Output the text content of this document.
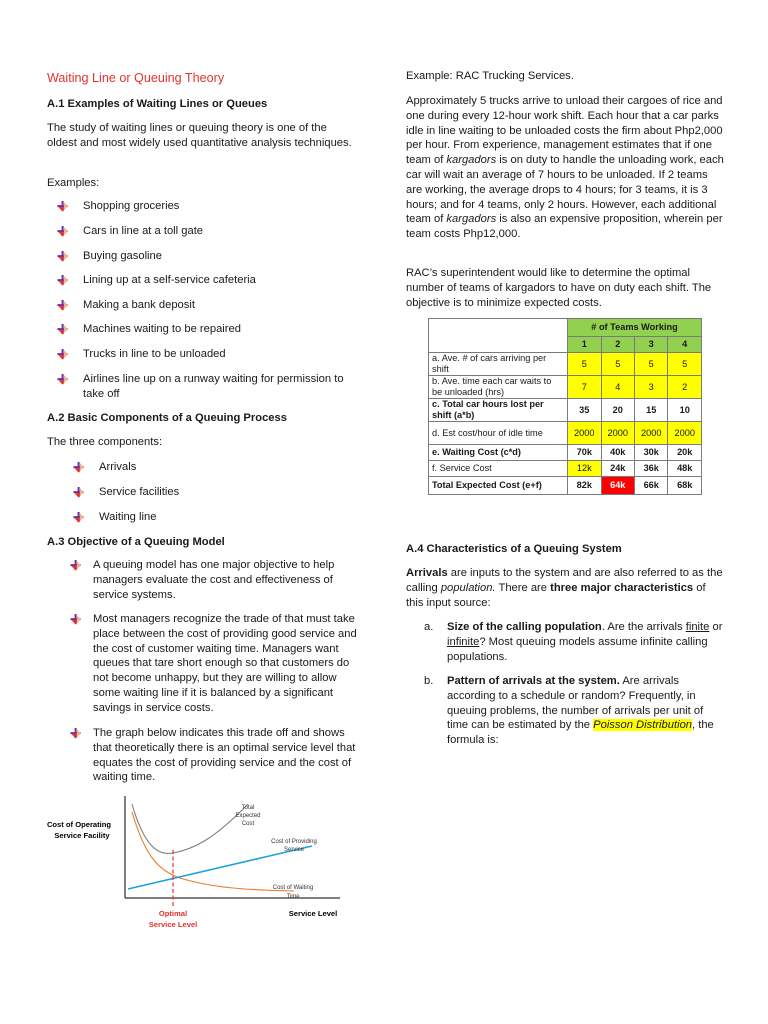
Waiting Line or Queuing Theory

A.1 Examples of Waiting Lines or Queues

The study of waiting lines or queuing theory is one of the oldest and most widely used quantitative analysis techniques.

Examples:

Shopping groceries
Cars in line at a toll gate
Buying gasoline
Lining up at a self-service cafeteria
Making a bank deposit
Machines waiting to be repaired
Trucks in line to be unloaded
Airlines line up on a runway waiting for permission to take off

A.2 Basic Components of a Queuing Process

The three components:

Arrivals
Service facilities
Waiting line

A.3 Objective of a Queuing Model

A queuing model has one major objective to help managers evaluate the cost and effectiveness of service systems.
Most managers recognize the trade of that must take place between the cost of providing good service and the cost of customer waiting time. Managers want queues that tare short enough so that customers do not become unhappy, but they are willing to allow some waiting line if it is balanced by a significant savings in service costs.
The graph below indicates this trade off and shows that theoretically there is an optimal service level that equates the cost of providing service and the cost of waiting time.
Cost of Operating
Service Facility
Total
Expected
Cost
Cost of Providing
Service
Cost of Waiting
Time
Optimal
Service Level
Service Level

Example: RAC Trucking Services.

Approximately 5 trucks arrive to unload their cargoes of rice and one during every 12-hour work shift. Each hour that a car parks idle in line waiting to be unloaded costs the firm about Php2,000 per hour. From experience, management estimates that if one team of kargadors is on duty to handle the unloading work, each car will wait an average of 7 hours to be unloaded. If 2 teams are working, the average drops to 4 hours; for 3 teams, it is 3 hours; and for 4 teams, only 2 hours. However, each additional team of kargadors is also an expensive proposition, wherein per team costs Php12,000.

RAC’s superintendent would like to determine the optimal number of teams of kargadors to have on duty each shift. The objective is to minimize expected costs.

	# of Teams Working			
	1	2	3	4
a. Ave. # of cars arriving per shift	5	5	5	5
b. Ave. time each car waits to be unloaded (hrs)	7	4	3	2
c. Total car hours lost per shift (a*b)	35	20	15	10
d. Est cost/hour of idle time	2000	2000	2000	2000
e. Waiting Cost (c*d)	70k	40k	30k	20k
f. Service Cost	12k	24k	36k	48k
Total Expected Cost (e+f)	82k	64k	66k	68k

A.4 Characteristics of a Queuing System

Arrivals are inputs to the system and are also referred to as the calling population. There are three major characteristics of this input source:

a. Size of the calling population. Are the arrivals finite or infinite? Most queuing models assume infinite calling populations.

b. Pattern of arrivals at the system. Are arrivals according to a schedule or random? Frequently, in queuing problems, the number of arrivals per unit of time can be estimated by the Poisson Distribution, the formula is:
